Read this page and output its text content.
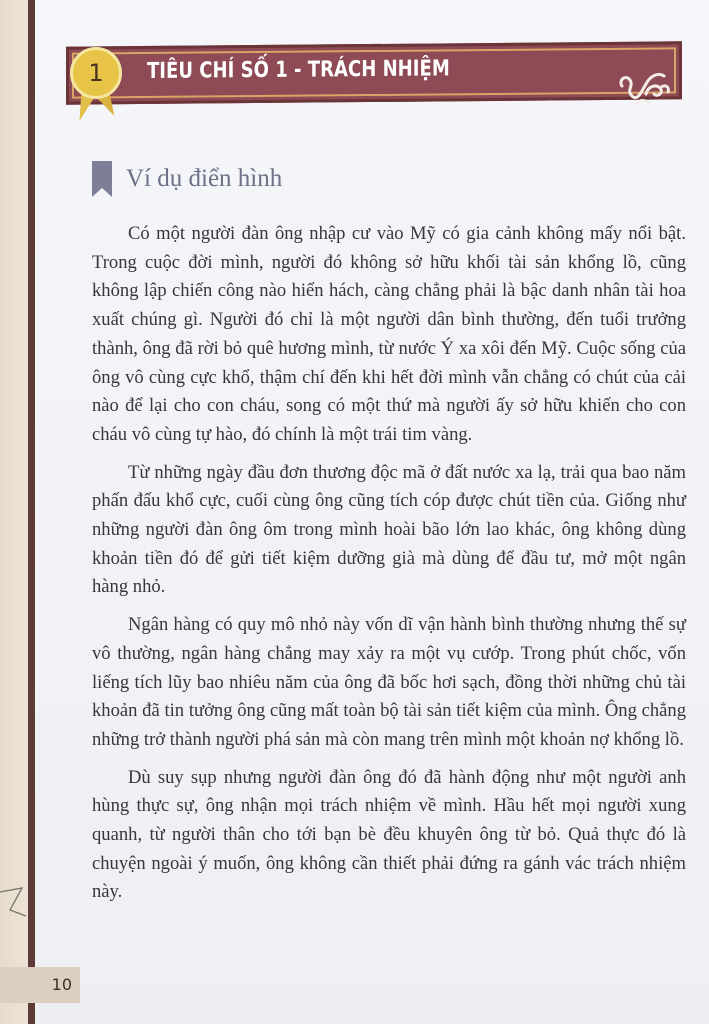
TIÊU CHÍ SỐ 1 - TRÁCH NHIỆM
1
Ví dụ điển hình

Có một người đàn ông nhập cư vào Mỹ có gia cảnh không mấy nổi bật. Trong cuộc đời mình, người đó không sở hữu khối tài sản khổng lồ, cũng không lập chiến công nào hiển hách, càng chẳng phải là bậc danh nhân tài hoa xuất chúng gì. Người đó chỉ là một người dân bình thường, đến tuổi trưởng thành, ông đã rời bỏ quê hương mình, từ nước Ý xa xôi đến Mỹ. Cuộc sống của ông vô cùng cực khổ, thậm chí đến khi hết đời mình vẫn chẳng có chút của cải nào để lại cho con cháu, song có một thứ mà người ấy sở hữu khiến cho con cháu vô cùng tự hào, đó chính là một trái tim vàng.

Từ những ngày đầu đơn thương độc mã ở đất nước xa lạ, trải qua bao năm phấn đấu khổ cực, cuối cùng ông cũng tích cóp được chút tiền của. Giống như những người đàn ông ôm trong mình hoài bão lớn lao khác, ông không dùng khoản tiền đó để gửi tiết kiệm dưỡng già mà dùng để đầu tư, mở một ngân hàng nhỏ.

Ngân hàng có quy mô nhỏ này vốn dĩ vận hành bình thường nhưng thế sự vô thường, ngân hàng chẳng may xảy ra một vụ cướp. Trong phút chốc, vốn liếng tích lũy bao nhiêu năm của ông đã bốc hơi sạch, đồng thời những chủ tài khoản đã tin tưởng ông cũng mất toàn bộ tài sản tiết kiệm của mình. Ông chẳng những trở thành người phá sản mà còn mang trên mình một khoản nợ khổng lồ.

Dù suy sụp nhưng người đàn ông đó đã hành động như một người anh hùng thực sự, ông nhận mọi trách nhiệm về mình. Hầu hết mọi người xung quanh, từ người thân cho tới bạn bè đều khuyên ông từ bỏ. Quả thực đó là chuyện ngoài ý muốn, ông không cần thiết phải đứng ra gánh vác trách nhiệm này.

10
